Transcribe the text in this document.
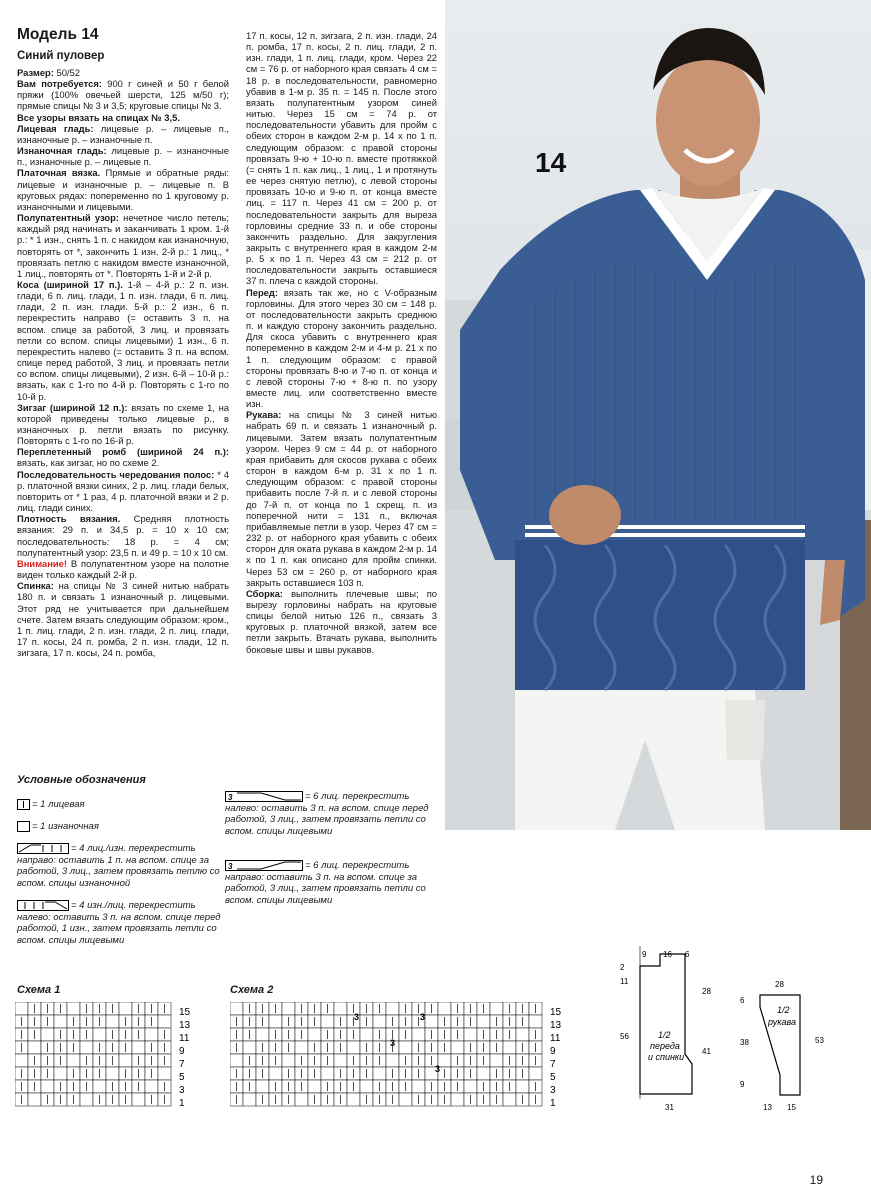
Модель 14
Синий пуловер

Размер: 50/52

Вам потребуется: 900 г синей и 50 г белой пряжи (100% овечьей шерсти, 125 м/50 г); прямые спицы № 3 и 3,5; круговые спицы № 3.

Все узоры вязать на спицах № 3,5.

Лицевая гладь: лицевые р. – лицевые п., изнаночные р. – изнаночные п.

Изнаночная гладь: лицевые р. – изнаночные п., изнаночные р. – лицевые п.

Платочная вязка. Прямые и обратные ряды: лицевые и изнаночные р. – лицевые п. В круговых рядах: попеременно по 1 круговому р. изнаночными и лицевыми.

Полупатентный узор: нечетное число петель; каждый ряд начинать и заканчивать 1 кром. 1-й р.: * 1 изн., снять 1 п. с накидом как изнаночную, повторять от *, закончить 1 изн. 2-й р.: 1 лиц., * провязать петлю с накидом вместе изнаночной, 1 лиц., повторять от *. Повторять 1-й и 2-й р.

Коса (шириной 17 п.). 1-й – 4-й р.: 2 п. изн. глади, 6 п. лиц. глади, 1 п. изн. глади, 6 п. лиц. глади, 2 п. изн. глади. 5-й р.: 2 изн., 6 п. перекрестить направо (= оставить 3 п. на вспом. спице за работой, 3 лиц. и провязать петли со вспом. спицы лицевыми) 1 изн., 6 п. перекрестить налево (= оставить 3 п. на вспом. спице перед работой, 3 лиц. и провязать петли со вспом. спицы лицевыми), 2 изн. 6-й – 10-й р.: вязать, как с 1-го по 4-й р. Повторять с 1-го по 10-й р.

Зигзаг (шириной 12 п.): вязать по схеме 1, на которой приведены только лицевые р., в изнаночных р. петли вязать по рисунку. Повторять с 1-го по 16-й р.

Переплетенный ромб (шириной 24 п.): вязать, как зигзаг, но по схеме 2.

Последовательность чередования полос: * 4 р. платочной вязки синих, 2 р. лиц. глади белых, повторить от * 1 раз, 4 р. платочной вязки и 2 р. лиц. глади синих.

Плотность вязания. Средняя плотность вязания: 29 п. и 34,5 р. = 10 х 10 см; последовательность: 18 р. = 4 см; полупатентный узор: 23,5 п. и 49 р. = 10 х 10 см.

Внимание! В полупатентном узоре на полотне виден только каждый 2-й р.

Спинка: на спицы № 3 синей нитью набрать 180 п. и связать 1 изнаночный р. лицевыми. Этот ряд не учитывается при дальнейшем счете. Затем вязать следующим образом: кром., 1 п. лиц. глади, 2 п. изн. глади, 2 п. лиц. глади, 17 п. косы, 24 п. ромба, 2 п. изн. глади, 12 п. зигзага, 17 п. косы, 24 п. ромба,

17 п. косы, 12 п. зигзага, 2 п. изн. глади, 24 п. ромба, 17 п. косы, 2 п. лиц. глади, 2 п. изн. глади, 1 п. лиц. глади, кром. Через 22 см = 76 р. от наборного края связать 4 см = 18 р. в последовательности, равномерно убавив в 1-м р. 35 п. = 145 п. После этого вязать полупатентным узором синей нитью. Через 15 см = 74 р. от последовательности убавить для пройм с обеих сторон в каждом 2-м р. 14 х по 1 п. следующим образом: с правой стороны провязать 9-ю + 10-ю п. вместе протяжкой (= снять 1 п. как лиц., 1 лиц., 1 и протянуть ее через снятую петлю), с левой стороны провязать 10-ю и 9-ю п. от конца вместе лиц. = 117 п. Через 41 см = 200 р. от последовательности закрыть для выреза горловины средние 33 п. и обе стороны закончить раздельно. Для закругления закрыть с внутреннего края в каждом 2-м р. 5 х по 1 п. Через 43 см = 212 р. от последовательности закрыть оставшиеся 37 п. плеча с каждой стороны.

Перед: вязать так же, но с V-образным горловины. Для этого через 30 см = 148 р. от последовательности закрыть среднюю п. и каждую сторону закончить раздельно. Для скоса убавить с внутреннего края попеременно в каждом 2-м и 4-м р. 21 х по 1 п. следующим образом: с правой стороны провязать 8-ю и 7-ю п. от конца и с левой стороны 7-ю + 8-ю п. по узору вместе лиц. или соответственно вместе изн.

Рукава: на спицы № 3 синей нитью набрать 69 п. и связать 1 изнаночный р. лицевыми. Затем вязать полупатентным узором. Через 9 см = 44 р. от наборного края прибавить для скосов рукава с обеих сторон в каждом 6-м р. 31 х по 1 п. следующим образом: с правой стороны прибавить после 7-й п. и с левой стороны до 7-й п. от конца по 1 скрещ. п. из поперечной нити = 131 п., включая прибавляемые петли в узор. Через 47 см = 232 р. от наборного края убавить с обеих сторон для оката рукава в каждом 2-м р. 14 х по 1 п. как описано для пройм спинки. Через 53 см = 260 р. от наборного края закрыть оставшиеся 103 п.

Сборка: выполнить плечевые швы; по вырезу горловины набрать на круговые спицы белой нитью 126 п., связать 3 круговых р. платочной вязкой, затем все петли закрыть. Втачать рукава, выполнить боковые швы и швы рукавов.

14
Условные обозначения
= 1 лицевая
= 1 изнаночная
= 4 лиц./изн. перекрестить направо: оставить 1 п. на вспом. спице за работой, 3 лиц., затем провязать петлю со вспом. спицы изнаночной
= 4 изн./лиц. перекрестить налево: оставить 3 п. на вспом. спице перед работой, 1 изн., затем провязать петли со вспом. спицы лицевыми
3	= 6 лиц. перекрестить налево: оставить 3 п. на вспом. спице перед работой, 3 лиц., затем провязать петли со вспом. спицы лицевыми
3	= 6 лиц. перекрестить направо: оставить 3 п. на вспом. спице за работой, 3 лиц., затем провязать петли со вспом. спицы лицевыми
Схема 1
15
13
11
9
7
5
3
1
Схема 2
3	3
3
3
15
13
11
9
7
5
3
1
9 16 6
2
11
28
56
41
31
1/2
переда
и спинки
28
6
38	53
9
13 15
1/2
рукава
19
